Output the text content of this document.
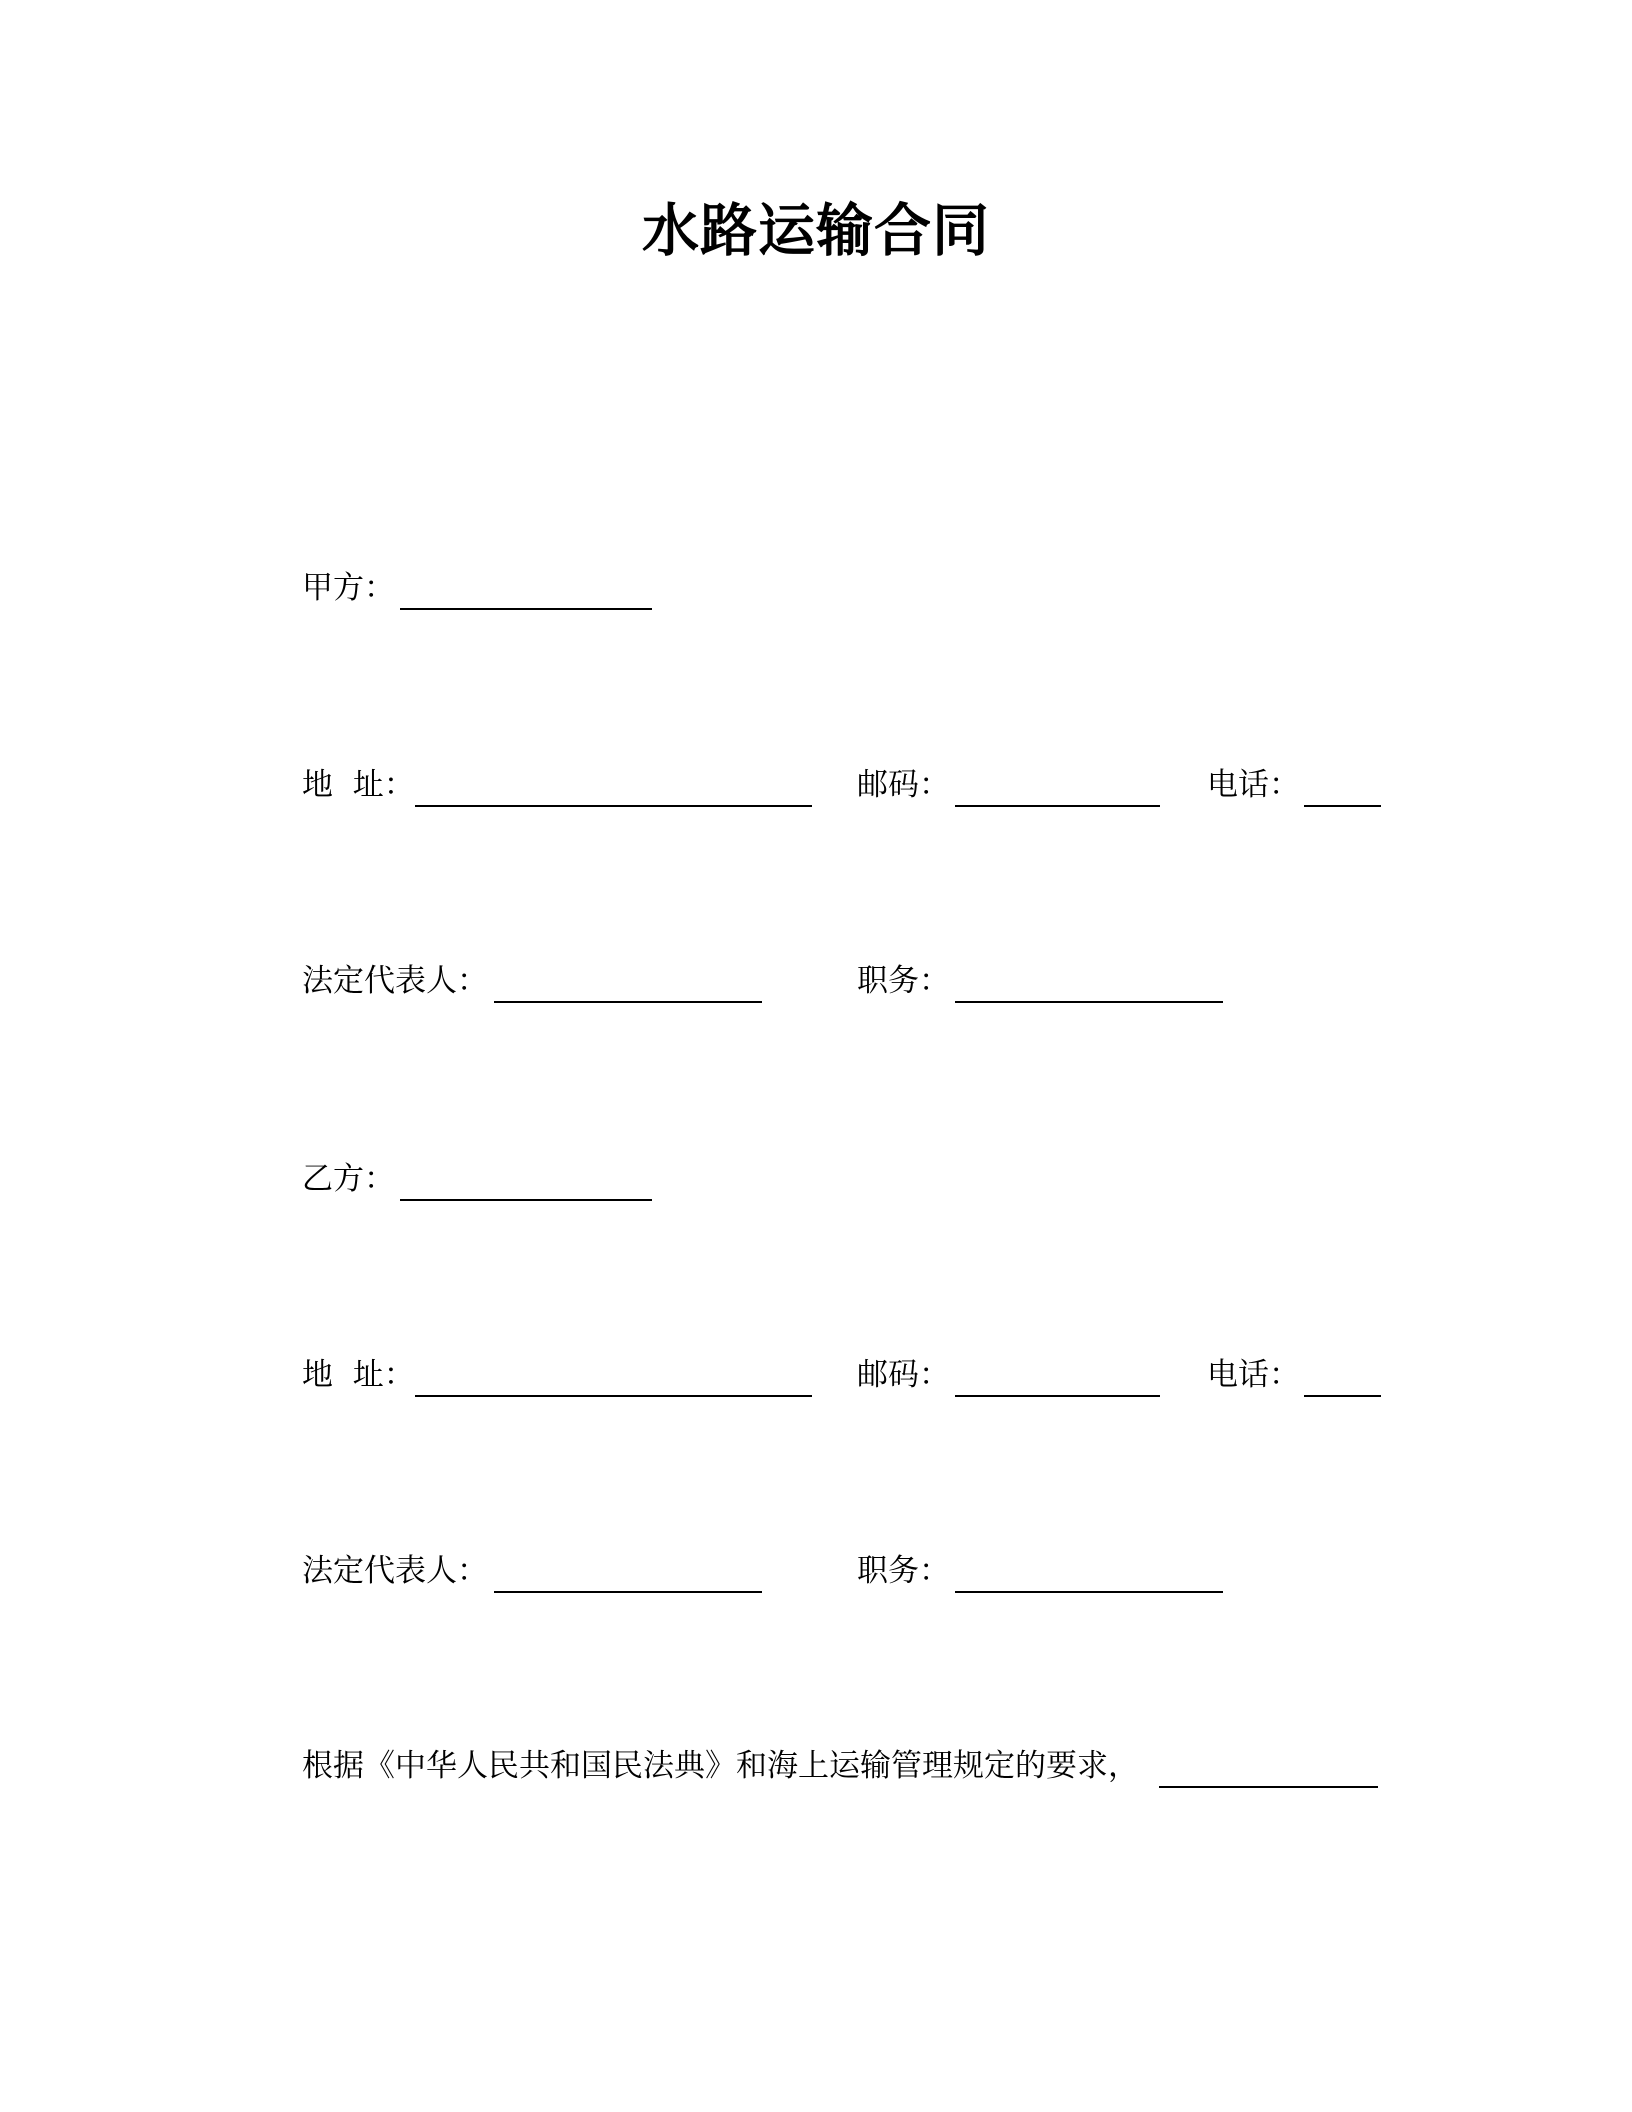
水路运输合同
甲方：
地  址：	邮码：	电话：
法定代表人：	职务：
乙方：
地  址：	邮码：	电话：
法定代表人：	职务：
根据《中华人民共和国民法典》和海上运输管理规定的要求，
